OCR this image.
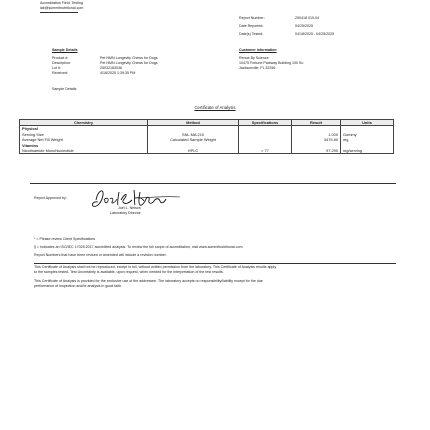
Accreditation Field: Testing
lab@summitnutritional.com
Report Number:	250418 019-04
Date Reported:	04/25/2025
Date(s) Tested:	04/18/2025 - 04/25/2025
Sample Details
Product #:	Pet NMN Longevity Chews for Dogs
Description:	Pet NMN Longevity Chews for Dogs
Lot #:	25032183036
Received:	4/18/2025 1:39:35 PM
Sample Details:
Customer Information
Renue By Science
10475 Fortune Parkway Building 100 Su
Jacksonville, FL 32256
Certificate of Analysis
Chemistry	Method	Specifications	Result	Units
Physical				
Serving Size	SNL.MA.210		1.000	Gummy
Average Net Fill Weight	Calculated Sample Weight		3475.80	mg
Vitamins				
Nicotinamide MonoNucleotide	HPLC	> 77	97.290	mg/serving
Report Approved by:
Joel L. Nelson
Laboratory Director
* = Please review Client Specifications
§ = Indicates an ISO/IEC 17025:2017 accredited analysis. To review the full scope of accreditation, visit www.summitnutritional.com
Report Numbers that have been revised or amended will include a revision number.
This Certificate of Analysis shall not be reproduced, except in full, without written permission from the laboratory. This Certificate of Analysis results apply
to the samples tested. Test Uncertainty is available, upon request, when needed for the interpretation of the test results.
This Certificate of Analysis is provided for the exclusive use of the addressee. The laboratory accepts no responsibility/liability except for the due
performance of inspection and/or analysis in good faith.
